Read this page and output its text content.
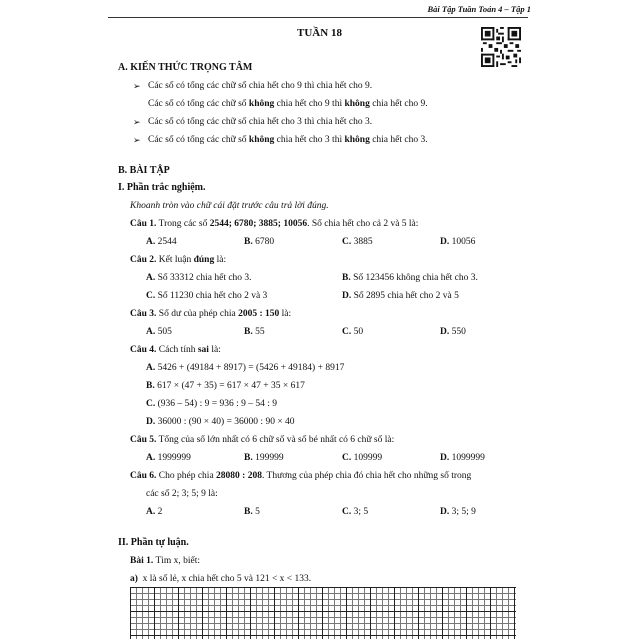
Bài Tập Tuần Toán 4 – Tập 1
TUẦN 18
A. KIẾN THỨC TRỌNG TÂM
➢ Các số có tổng các chữ số chia hết cho 9 thì chia hết cho 9.
Các số có tổng các chữ số không chia hết cho 9 thì không chia hết cho 9.
➢ Các số có tổng các chữ số chia hết cho 3 thì chia hết cho 3.
➢ Các số có tổng các chữ số không chia hết cho 3 thì không chia hết cho 3.
B. BÀI TẬP
I. Phần trắc nghiệm.
Khoanh tròn vào chữ cái đặt trước câu trả lời đúng.
Câu 1. Trong các số 2544; 6780; 3885; 10056. Số chia hết cho cả 2 và 5 là:
A. 2544	B. 6780	C. 3885	D. 10056
Câu 2. Kết luận đúng là:
A. Số 33312 chia hết cho 3.	B. Số 123456 không chia hết cho 3.
C. Số 11230 chia hết cho 2 và 3	D. Số 2895 chia hết cho 2 và 5
Câu 3. Số dư của phép chia 2005 : 150 là:
A. 505	B. 55	C. 50	D. 550
Câu 4. Cách tính sai là:
A. 5426 + (49184 + 8917) = (5426 + 49184) + 8917
B. 617 × (47 + 35) = 617 × 47 + 35 × 617
C. (936 – 54) : 9 = 936 : 9 – 54 : 9
D. 36000 : (90 × 40) = 36000 : 90 × 40
Câu 5. Tổng của số lớn nhất có 6 chữ số và số bé nhất có 6 chữ số là:
A. 1999999	B. 199999	C. 109999	D. 1099999
Câu 6. Cho phép chia 28080 : 208. Thương của phép chia đó chia hết cho những số trong
các số 2; 3; 5; 9 là:
A. 2	B. 5	C. 3; 5	D. 3; 5; 9
II. Phần tự luận.
Bài 1. Tìm x, biết:
a) x là số lẻ, x chia hết cho 5 và 121 < x < 133.
